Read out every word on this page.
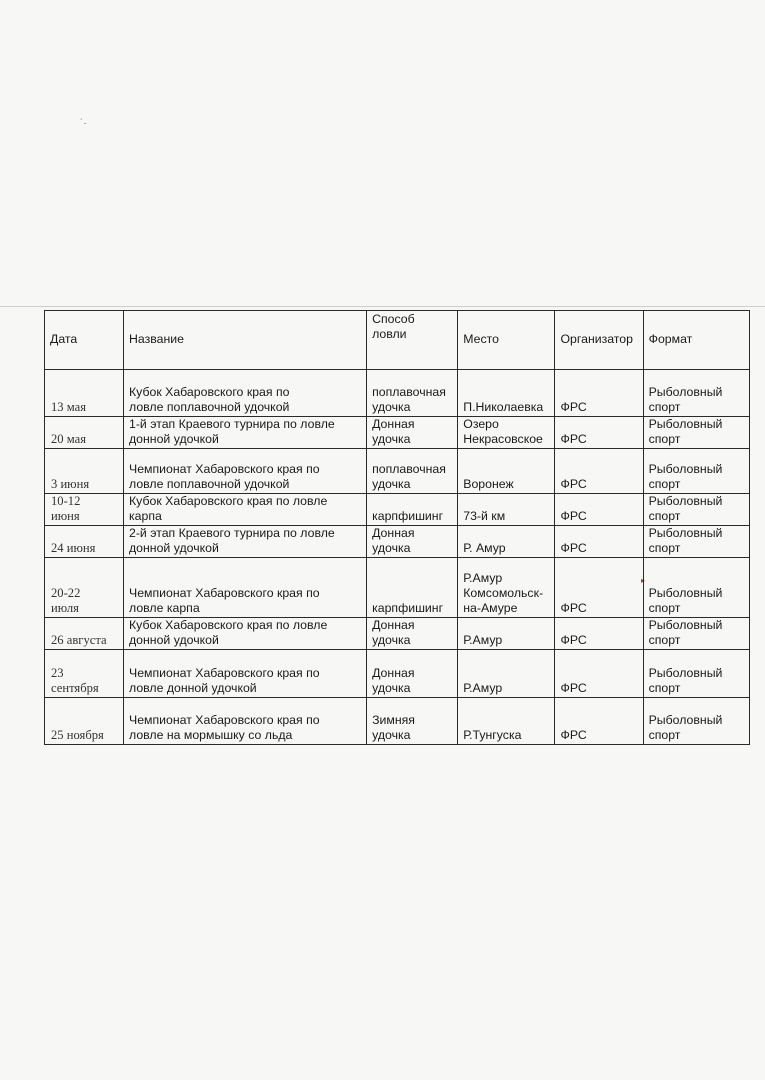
˙·
▸
Дата	Название	Способ
ловли	Место	Организатор	Формат

13 мая	Кубок Хабаровского края по
ловле поплавочной удочкой	поплавочная
удочка	П.Николаевка	ФРС	Рыболовный
спорт

20 мая	1-й этап Краевого турнира по ловле
донной удочкой	Донная
удочка	Озеро
Некрасовское	ФРС	Рыболовный
спорт

3 июня	Чемпионат Хабаровского края по
ловле поплавочной удочкой	поплавочная
удочка	Воронеж	ФРС	Рыболовный
спорт

10-12
июня	Кубок Хабаровского края по ловле
карпа	карпфишинг	73-й км	ФРС	Рыболовный
спорт

24 июня	2-й этап Краевого турнира по ловле
донной удочкой	Донная
удочка	Р. Амур	ФРС	Рыболовный
спорт

20-22
июля	Чемпионат Хабаровского края по
ловле карпа	карпфишинг	Р.Амур
Комсомольск-
на-Амуре	ФРС	Рыболовный
спорт

26 августа	Кубок Хабаровского края по ловле
донной удочкой	Донная
удочка	Р.Амур	ФРС	Рыболовный
спорт

23
сентября	Чемпионат Хабаровского края по
ловле донной удочкой	Донная
удочка	Р.Амур	ФРС	Рыболовный
спорт

25 ноября	Чемпионат Хабаровского края по
ловле на мормышку со льда	Зимняя
удочка	Р.Тунгуска	ФРС	Рыболовный
спорт
